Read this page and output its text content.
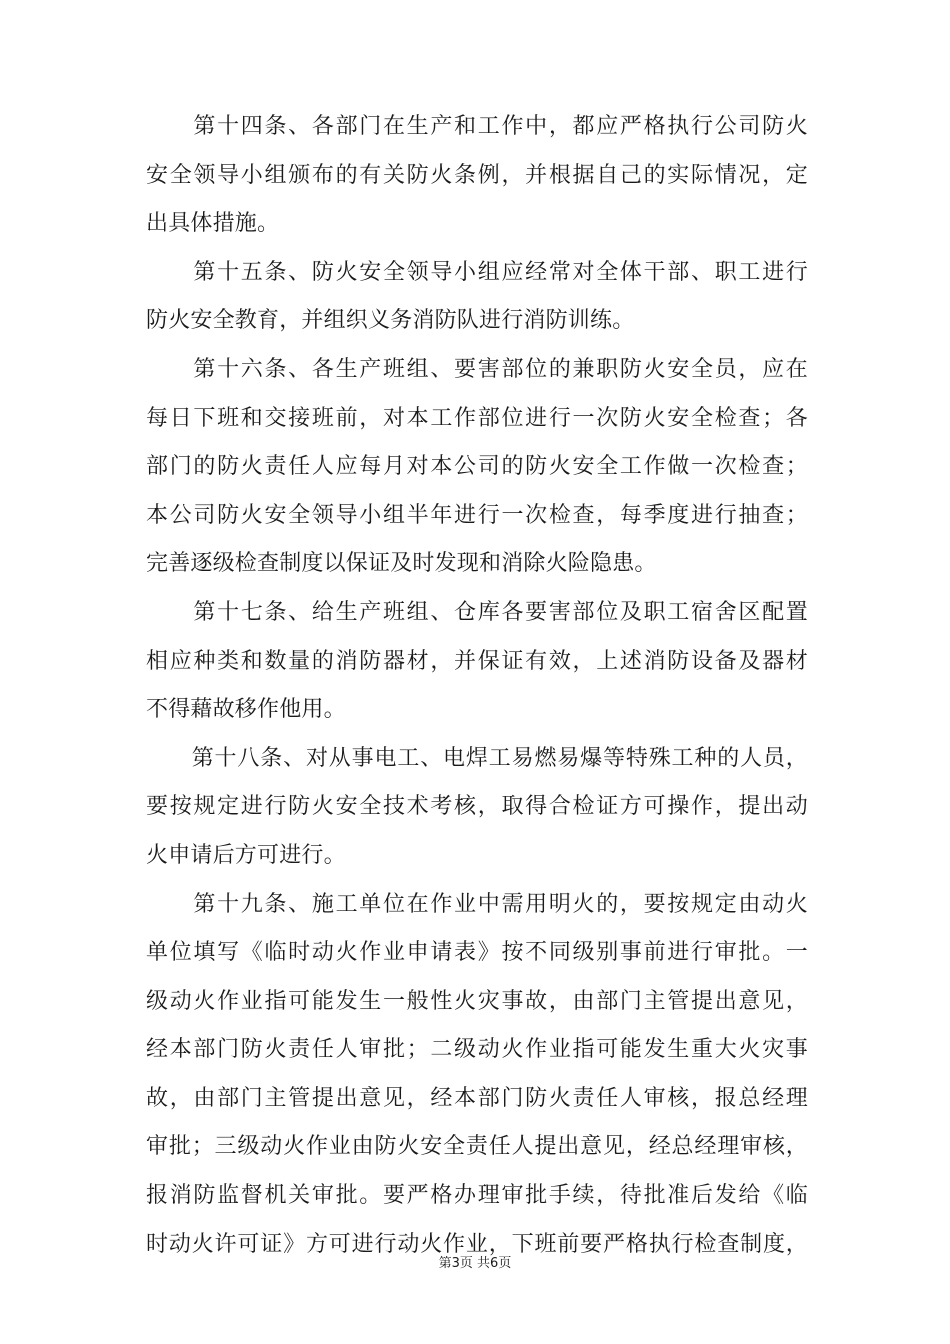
　　第十四条、各部门在生产和工作中，都应严格执行公司防火
安全领导小组颁布的有关防火条例，并根据自己的实际情况，定
出具体措施。
　　第十五条、防火安全领导小组应经常对全体干部、职工进行
防火安全教育，并组织义务消防队进行消防训练。
　　第十六条、各生产班组、要害部位的兼职防火安全员，应在
每日下班和交接班前，对本工作部位进行一次防火安全检查；各
部门的防火责任人应每月对本公司的防火安全工作做一次检查；
本公司防火安全领导小组半年进行一次检查，每季度进行抽查；
完善逐级检查制度以保证及时发现和消除火险隐患。
　　第十七条、给生产班组、仓库各要害部位及职工宿舍区配置
相应种类和数量的消防器材，并保证有效，上述消防设备及器材
不得藉故移作他用。
　　第十八条、对从事电工、电焊工易燃易爆等特殊工种的人员，
要按规定进行防火安全技术考核，取得合检证方可操作，提出动
火申请后方可进行。
　　第十九条、施工单位在作业中需用明火的，要按规定由动火
单位填写《临时动火作业申请表》按不同级别事前进行审批。一
级动火作业指可能发生一般性火灾事故，由部门主管提出意见，
经本部门防火责任人审批；二级动火作业指可能发生重大火灾事
故，由部门主管提出意见，经本部门防火责任人审核，报总经理
审批；三级动火作业由防火安全责任人提出意见，经总经理审核，
报消防监督机关审批。要严格办理审批手续，待批准后发给《临
时动火许可证》方可进行动火作业，下班前要严格执行检查制度，
第3页 共6页
